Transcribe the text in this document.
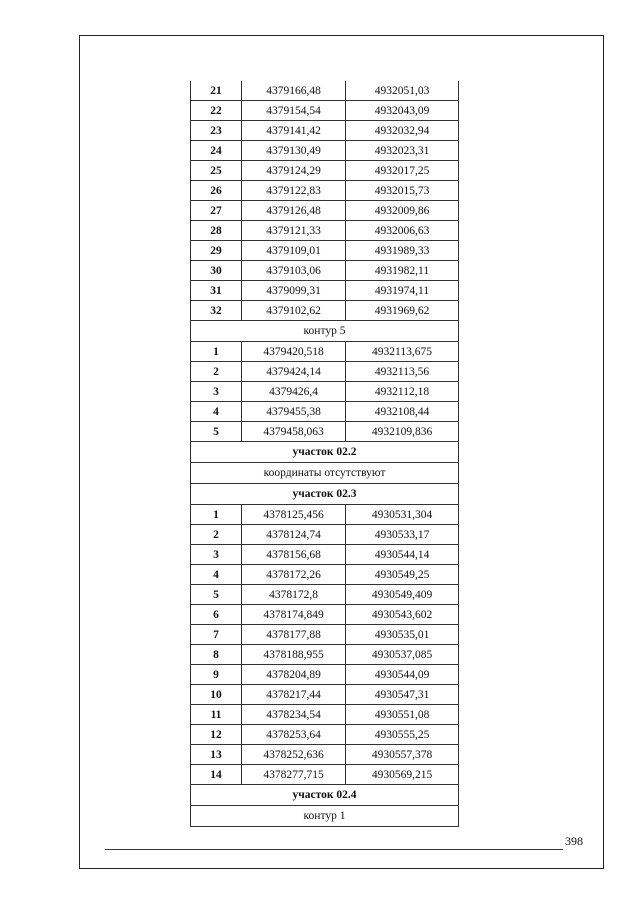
21	4379166,48	4932051,03
22	4379154,54	4932043,09
23	4379141,42	4932032,94
24	4379130,49	4932023,31
25	4379124,29	4932017,25
26	4379122,83	4932015,73
27	4379126,48	4932009,86
28	4379121,33	4932006,63
29	4379109,01	4931989,33
30	4379103,06	4931982,11
31	4379099,31	4931974,11
32	4379102,62	4931969,62
контур 5		
1	4379420,518	4932113,675
2	4379424,14	4932113,56
3	4379426,4	4932112,18
4	4379455,38	4932108,44
5	4379458,063	4932109,836
участок 02.2		
координаты отсутствуют		
участок 02.3		
1	4378125,456	4930531,304
2	4378124,74	4930533,17
3	4378156,68	4930544,14
4	4378172,26	4930549,25
5	4378172,8	4930549,409
6	4378174,849	4930543,602
7	4378177,88	4930535,01
8	4378188,955	4930537,085
9	4378204,89	4930544,09
10	4378217,44	4930547,31
11	4378234,54	4930551,08
12	4378253,64	4930555,25
13	4378252,636	4930557,378
14	4378277,715	4930569,215
участок 02.4		
контур 1		
398
